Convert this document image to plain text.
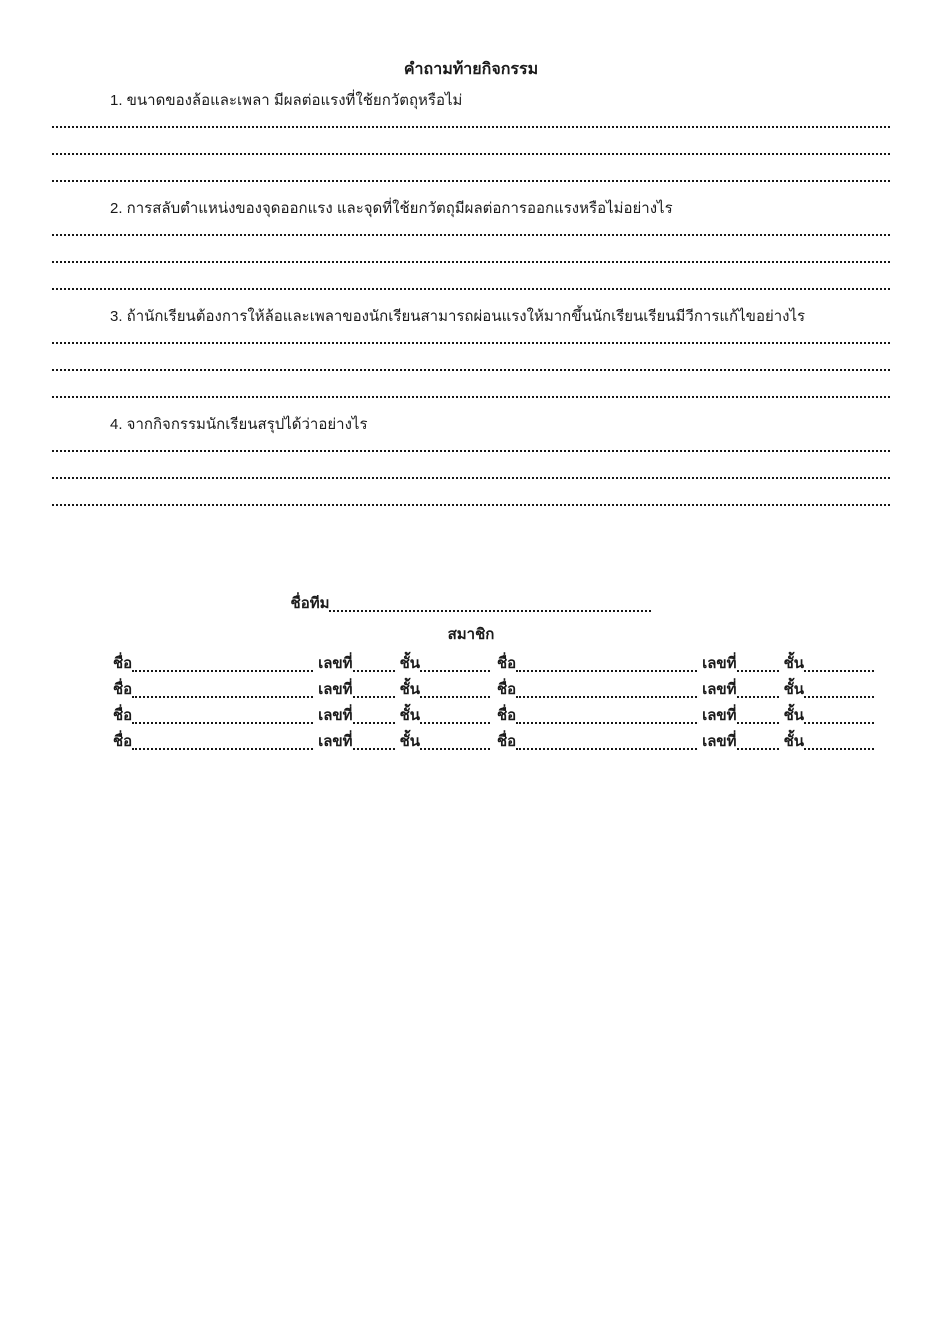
คำถามท้ายกิจกรรม
1. ขนาดของล้อและเพลา มีผลต่อแรงที่ใช้ยกวัตถุหรือไม่
2. การสลับตำแหน่งของจุดออกแรง และจุดที่ใช้ยกวัตถุมีผลต่อการออกแรงหรือไม่อย่างไร
3. ถ้านักเรียนต้องการให้ล้อและเพลาของนักเรียนสามารถผ่อนแรงให้มากขึ้นนักเรียนเรียนมีวีการแก้ไขอย่างไร
4. จากกิจกรรมนักเรียนสรุปได้ว่าอย่างไร
ชื่อทีม
สมาชิก
ชื่อ	เลขที่	ชั้น	ชื่อ	เลขที่	ชั้น
ชื่อ	เลขที่	ชั้น	ชื่อ	เลขที่	ชั้น
ชื่อ	เลขที่	ชั้น	ชื่อ	เลขที่	ชั้น
ชื่อ	เลขที่	ชั้น	ชื่อ	เลขที่	ชั้น
